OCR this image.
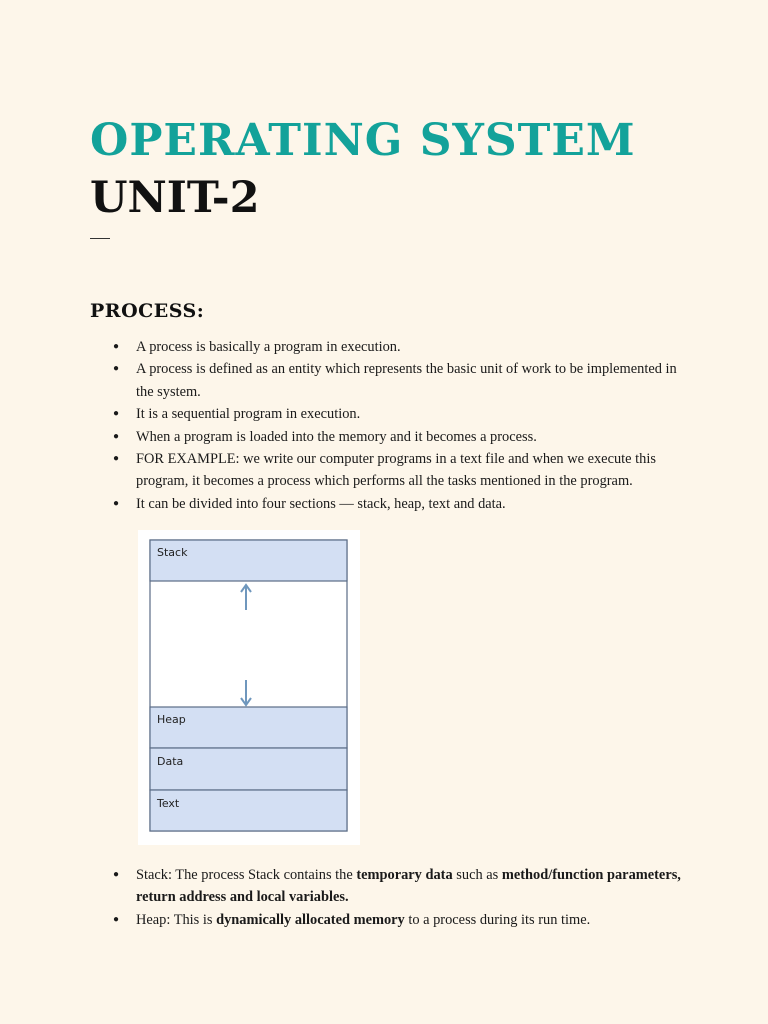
OPERATING SYSTEM
UNIT-2
PROCESS:
● A process is basically a program in execution.
● A process is defined as an entity which represents the basic unit of work to be implemented in the system.
● It is a sequential program in execution.
● When a program is loaded into the memory and it becomes a process.
● FOR EXAMPLE: we write our computer programs in a text file and when we execute this program, it becomes a process which performs all the tasks mentioned in the program.
● It can be divided into four sections — stack, heap, text and data.
Stack
Heap
Data
Text
● Stack: The process Stack contains the temporary data such as method/function parameters, return address and local variables.
● Heap: This is dynamically allocated memory to a process during its run time.
